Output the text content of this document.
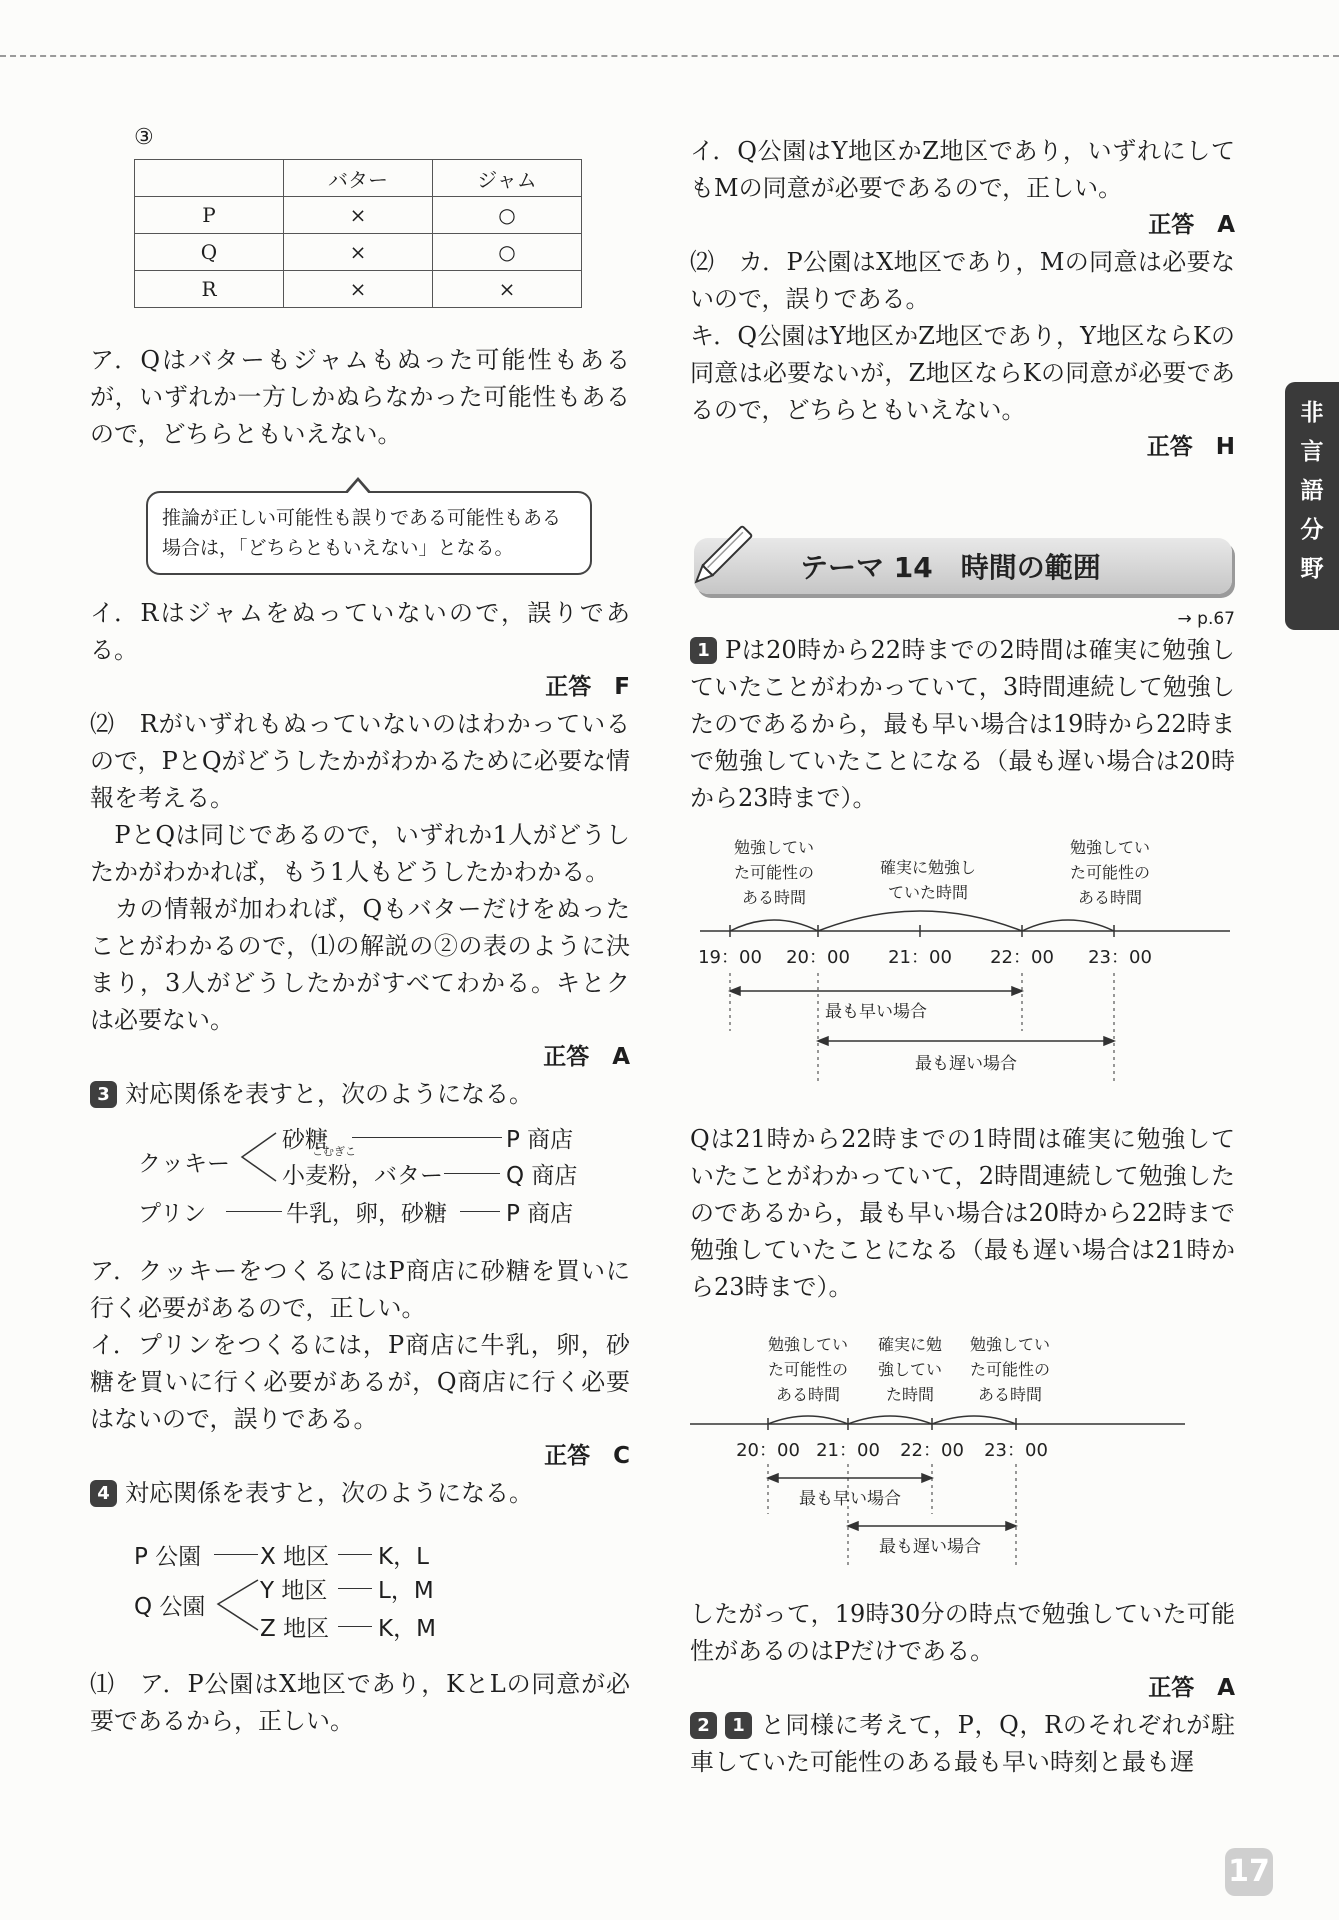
③
	バター	ジャム
P	×	○
Q	×	○
R	×	×

ア．Qはバターもジャムもぬった可能性もあるが，いずれか一方しかぬらなかった可能性もあるので，どちらともいえない。

推論が正しい可能性も誤りである可能性もある場合は，「どちらともいえない」となる。

イ．Rはジャムをぬっていないので，誤りである。

正答　F

⑵　Rがいずれもぬっていないのはわかっているので，PとQがどうしたかがわかるために必要な情報を考える。

　PとQは同じであるので，いずれか1人がどうしたかがわかれば，もう1人もどうしたかわかる。

　カの情報が加われば，Qもバターだけをぬったことがわかるので，⑴の解説の②の表のように決まり，3人がどうしたかがすべてわかる。キとクは必要ない。

正答　A

3 対応関係を表すと，次のようになる。

クッキー
砂糖	P 商店
こむぎこ
小麦粉，バター	Q 商店
プリン	牛乳，卵，砂糖	P 商店

ア．クッキーをつくるにはP商店に砂糖を買いに行く必要があるので，正しい。

イ．プリンをつくるには，P商店に牛乳，卵，砂糖を買いに行く必要があるが，Q商店に行く必要はないので，誤りである。

正答　C

4 対応関係を表すと，次のようになる。

P 公園	X 地区 K，L
Q 公園
Y 地区 L，M
Z 地区 K，M

⑴　ア．P公園はX地区であり，KとLの同意が必要であるから，正しい。

イ．Q公園はY地区かZ地区であり，いずれにしてもMの同意が必要であるので，正しい。

正答　A

⑵　カ．P公園はX地区であり，Mの同意は必要ないので，誤りである。

キ．Q公園はY地区かZ地区であり，Y地区ならKの同意は必要ないが，Z地区ならKの同意が必要であるので，どちらともいえない。

正答　H

テーマ 14　時間の範囲
→ p.67

1 Pは20時から22時までの2時間は確実に勉強していたことがわかっていて，3時間連続して勉強したのであるから，最も早い場合は19時から22時まで勉強していたことになる（最も遅い場合は20時から23時まで）。

勉強してい
た可能性の
ある時間
確実に勉強し
ていた時間
勉強してい
た可能性の
ある時間
19：00 20：00 21：00 22：00 23：00
最も早い場合
最も遅い場合

Qは21時から22時までの1時間は確実に勉強していたことがわかっていて，2時間連続して勉強したのであるから，最も早い場合は20時から22時まで勉強していたことになる（最も遅い場合は21時から23時まで）。

勉強してい
た可能性の
ある時間
確実に勉
強してい
た時間
勉強してい
た可能性の
ある時間
20：00 21：00 22：00 23：00
最も早い場合
最も遅い場合

したがって，19時30分の時点で勉強していた可能性があるのはPだけである。

正答　A

2 1 と同様に考えて，P，Q，Rのそれぞれが駐車していた可能性のある最も早い時刻と最も遅

非
言
語
分
野
17
